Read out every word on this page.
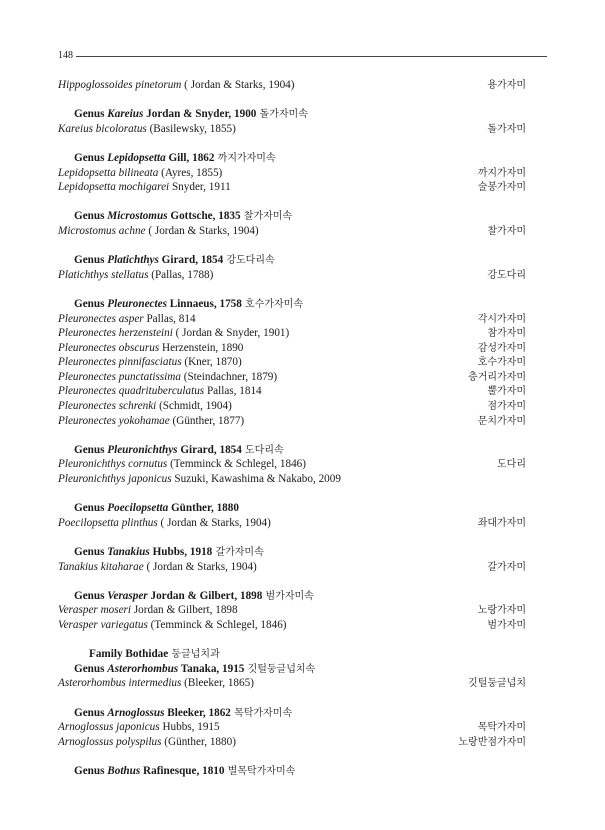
148
Hippoglossoides pinetorum ( Jordan & Starks, 1904)	용가자미
Genus Kareius Jordan & Snyder, 1900 돌가자미속
Kareius bicoloratus (Basilewsky, 1855)	돌가자미
Genus Lepidopsetta Gill, 1862 까지가자미속
Lepidopsetta bilineata (Ayres, 1855)	까지가자미
Lepidopsetta mochigarei Snyder, 1911	술봉가자미
Genus Microstomus Gottsche, 1835 찰가자미속
Microstomus achne ( Jordan & Starks, 1904)	찰가자미
Genus Platichthys Girard, 1854 강도다리속
Platichthys stellatus (Pallas, 1788)	강도다리
Genus Pleuronectes Linnaeus, 1758 호수가자미속
Pleuronectes asper Pallas, 814	각시가자미
Pleuronectes herzensteini ( Jordan & Snyder, 1901)	참가자미
Pleuronectes obscurus Herzenstein, 1890	감성가자미
Pleuronectes pinnifasciatus (Kner, 1870)	호수가자미
Pleuronectes punctatissima (Steindachner, 1879)	층거리가자미
Pleuronectes quadrituberculatus Pallas, 1814	뿔가자미
Pleuronectes schrenki (Schmidt, 1904)	점가자미
Pleuronectes yokohamae (Günther, 1877)	문치가자미
Genus Pleuronichthys Girard, 1854 도다리속
Pleuronichthys cornutus (Temminck & Schlegel, 1846)	도다리
Pleuronichthys japonicus Suzuki, Kawashima & Nakabo, 2009
Genus Poecilopsetta Günther, 1880
Poecilopsetta plinthus ( Jordan & Starks, 1904)	좌대가자미
Genus Tanakius Hubbs, 1918 갈가자미속
Tanakius kitaharae ( Jordan & Starks, 1904)	갈가자미
Genus Verasper Jordan & Gilbert, 1898 범가자미속
Verasper moseri Jordan & Gilbert, 1898	노랑가자미
Verasper variegatus (Temminck & Schlegel, 1846)	범가자미
Family Bothidae 둥글넙치과
Genus Asterorhombus Tanaka, 1915 깃털둥글넙치속
Asterorhombus intermedius (Bleeker, 1865)	깃털둥글넙치
Genus Arnoglossus Bleeker, 1862 목탁가자미속
Arnoglossus japonicus Hubbs, 1915	목탁가자미
Arnoglossus polyspilus (Günther, 1880)	노랑반점가자미
Genus Bothus Rafinesque, 1810 별목탁가자미속
